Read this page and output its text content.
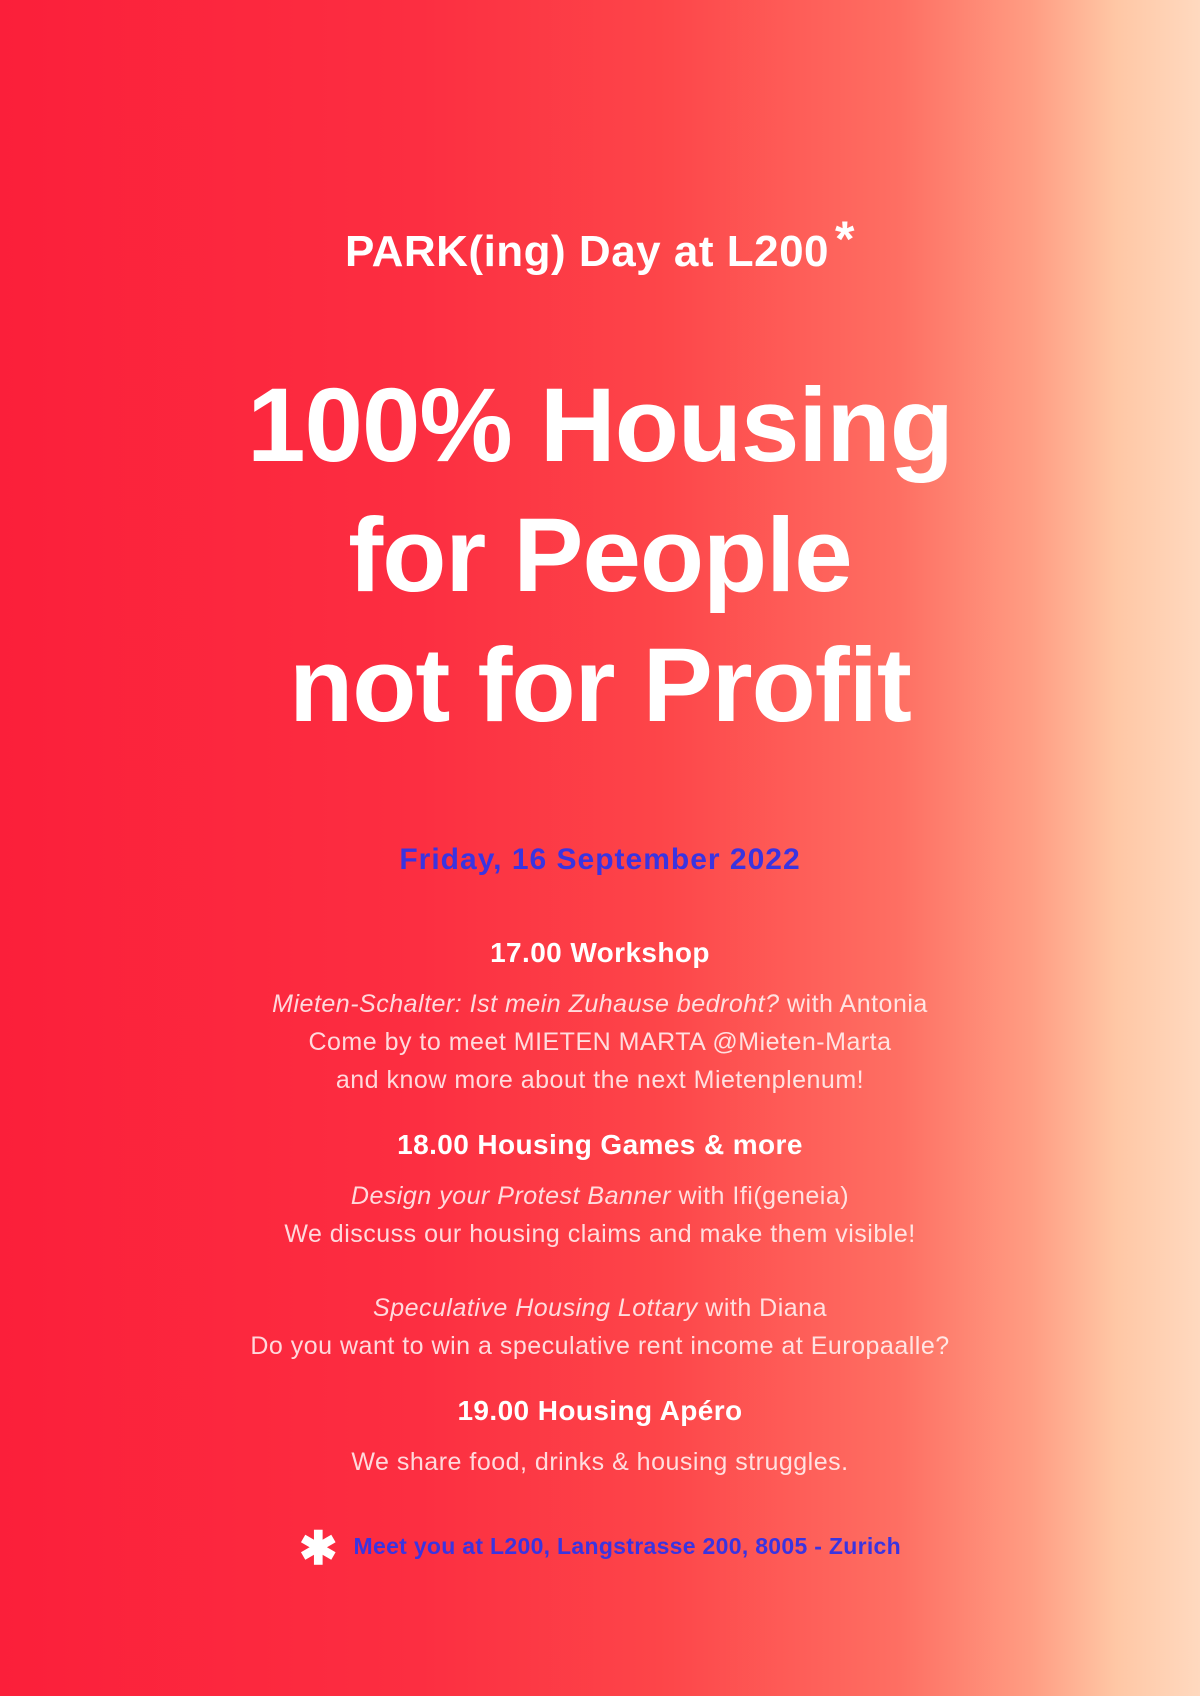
PARK(ing) Day at L200 *
100% Housing
for People
not for Profit
Friday, 16 September 2022
17.00 Workshop

Mieten-Schalter: Ist mein Zuhause bedroht? with Antonia
Come by to meet MIETEN MARTA @Mieten-Marta
and know more about the next Mietenplenum!

18.00 Housing Games & more

Design your Protest Banner with Ifi(geneia)
We discuss our housing claims and make them visible!

Speculative Housing Lottary with Diana
Do you want to win a speculative rent income at Europaalle?

19.00 Housing Apéro

We share food, drinks & housing struggles.

✱ Meet you at L200, Langstrasse 200, 8005 - Zurich
